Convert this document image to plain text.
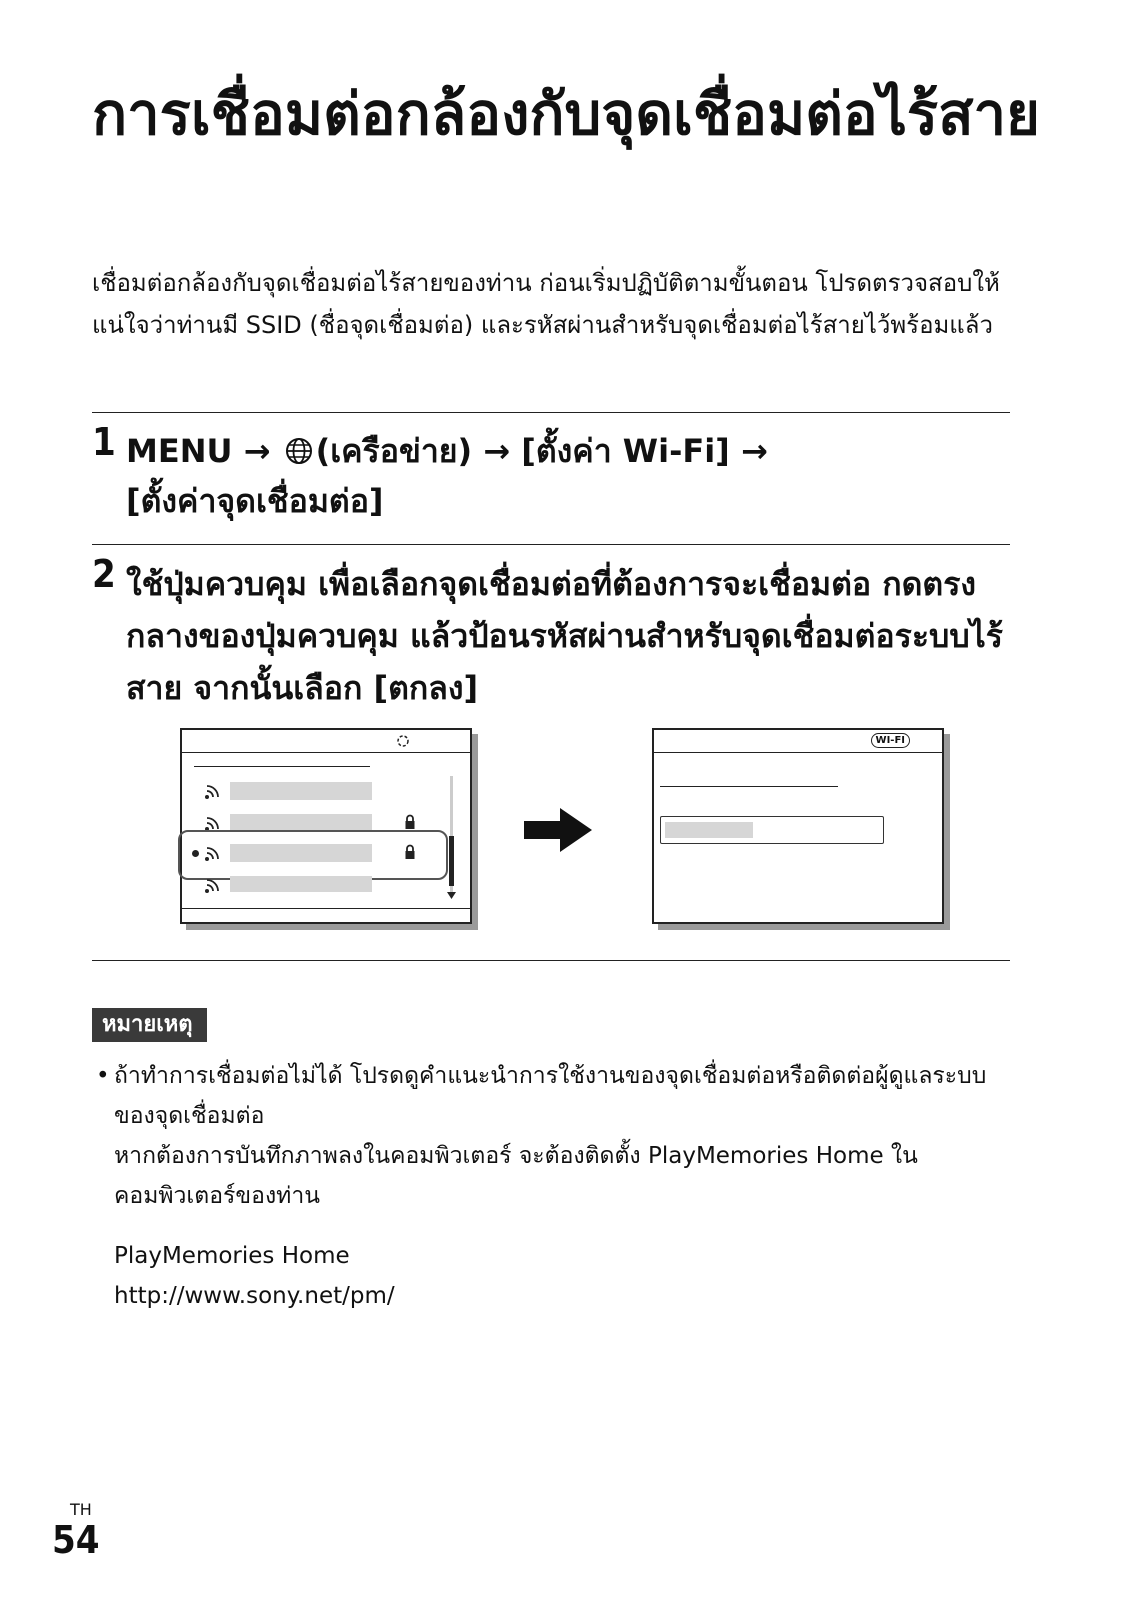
การเชื่อมต่อกล้องกับจุดเชื่อมต่อไร้สาย

เชื่อมต่อกล้องกับจุดเชื่อมต่อไร้สายของท่าน ก่อนเริ่มปฏิบัติตามขั้นตอน โปรดตรวจสอบให้แน่ใจว่าท่านมี SSID (ชื่อจุดเชื่อมต่อ) และรหัสผ่านสำหรับจุดเชื่อมต่อไร้สายไว้พร้อมแล้ว

1 MENU → (เครือข่าย) → [ตั้งค่า Wi-Fi] →
[ตั้งค่าจุดเชื่อมต่อ]

2 ใช้ปุ่มควบคุม เพื่อเลือกจุดเชื่อมต่อที่ต้องการจะเชื่อมต่อ กดตรงกลางของปุ่มควบคุม แล้วป้อนรหัสผ่านสำหรับจุดเชื่อมต่อระบบไร้สาย จากนั้นเลือก [ตกลง]

WI-FI
หมายเหตุ
• ถ้าทำการเชื่อมต่อไม่ได้ โปรดดูคำแนะนำการใช้งานของจุดเชื่อมต่อหรือติดต่อผู้ดูแลระบบของจุดเชื่อมต่อ
หากต้องการบันทึกภาพลงในคอมพิวเตอร์ จะต้องติดตั้ง PlayMemories Home ในคอมพิวเตอร์ของท่าน
PlayMemories Home
http://www.sony.net/pm/
TH
54
